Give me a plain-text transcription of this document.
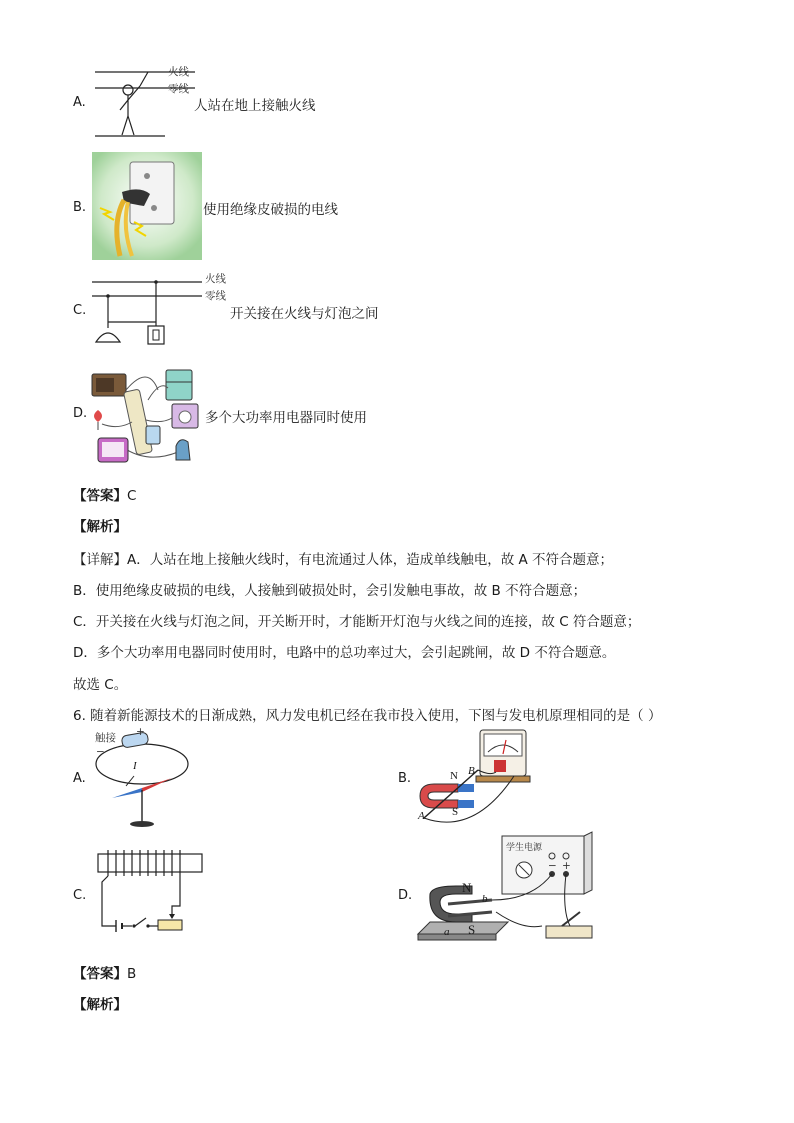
A.
火线
零线
人站在地上接触火线
B.	使用绝缘皮破损的电线
C.
火线
零线
开关接在火线与灯泡之间
D.	多个大功率用电器同时使用
【答案】C
【解析】
【详解】A．人站在地上接触火线时，有电流通过人体，造成单线触电，故 A 不符合题意；
B．使用绝缘皮破损的电线，人接触到破损处时，会引发触电事故，故 B 不符合题意；
C．开关接在火线与灯泡之间，开关断开时，才能断开灯泡与火线之间的连接，故 C 符合题意；
D．多个大功率用电器同时使用时，电路中的总功率过大，会引起跳闸，故 D 不符合题意。
故选 C。
6. 随着新能源技术的日渐成熟，风力发电机已经在我市投入使用，下图与发电机原理相同的是（ ）
A.
触接 +
−
I
B.	N
S
A
B
C.	D.
学生电源
− +
N
S
a
b
【答案】B
【解析】
